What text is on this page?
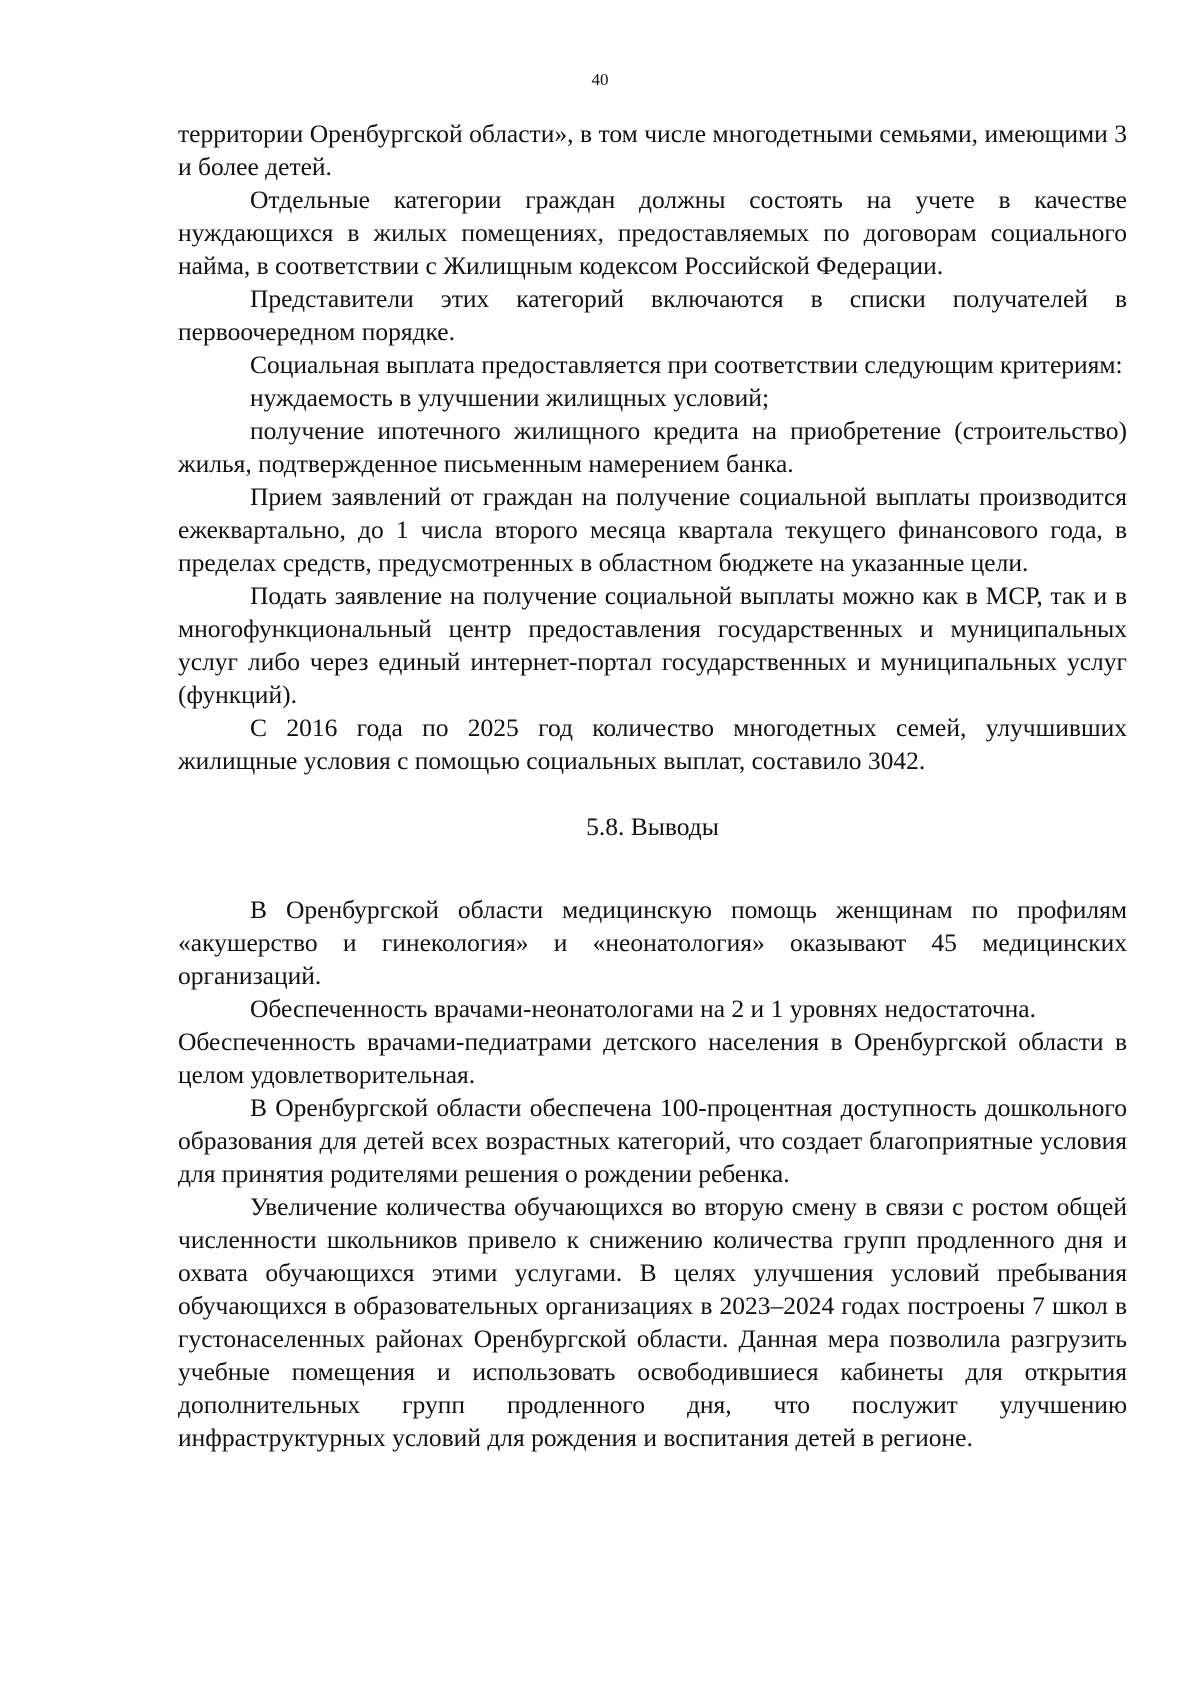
40

территории Оренбургской области», в том числе многодетными семьями, имеющими 3 и более детей.

Отдельные категории граждан должны состоять на учете в качестве нуждающихся в жилых помещениях, предоставляемых по договорам социального найма, в соответствии с Жилищным кодексом Российской Федерации.

Представители этих категорий включаются в списки получателей в первоочередном порядке.

Социальная выплата предоставляется при соответствии следующим критериям:

нуждаемость в улучшении жилищных условий;

получение ипотечного жилищного кредита на приобретение (строительство) жилья, подтвержденное письменным намерением банка.

Прием заявлений от граждан на получение социальной выплаты производится ежеквартально, до 1 числа второго месяца квартала текущего финансового года, в пределах средств, предусмотренных в областном бюджете на указанные цели.

Подать заявление на получение социальной выплаты можно как в МСР, так и в многофункциональный центр предоставления государственных и муниципальных услуг либо через единый интернет-портал государственных и муниципальных услуг (функций).

С 2016 года по 2025 год количество многодетных семей, улучшивших жилищные условия с помощью социальных выплат, составило 3042.

5.8. Выводы

В Оренбургской области медицинскую помощь женщинам по профилям «акушерство и гинекология» и «неонатология» оказывают 45 медицинских организаций.

Обеспеченность врачами-неонатологами на 2 и 1 уровнях недостаточна.

Обеспеченность врачами-педиатрами детского населения в Оренбургской области в целом удовлетворительная.

В Оренбургской области обеспечена 100-процентная доступность дошкольного образования для детей всех возрастных категорий, что создает благоприятные условия для принятия родителями решения о рождении ребенка.

Увеличение количества обучающихся во вторую смену в связи с ростом общей численности школьников привело к снижению количества групп продленного дня и охвата обучающихся этими услугами. В целях улучшения условий пребывания обучающихся в образовательных организациях в 2023–2024 годах построены 7 школ в густонаселенных районах Оренбургской области. Данная мера позволила разгрузить учебные помещения и использовать освободившиеся кабинеты для открытия дополнительных групп продленного дня, что послужит улучшению инфраструктурных условий для рождения и воспитания детей в регионе.
